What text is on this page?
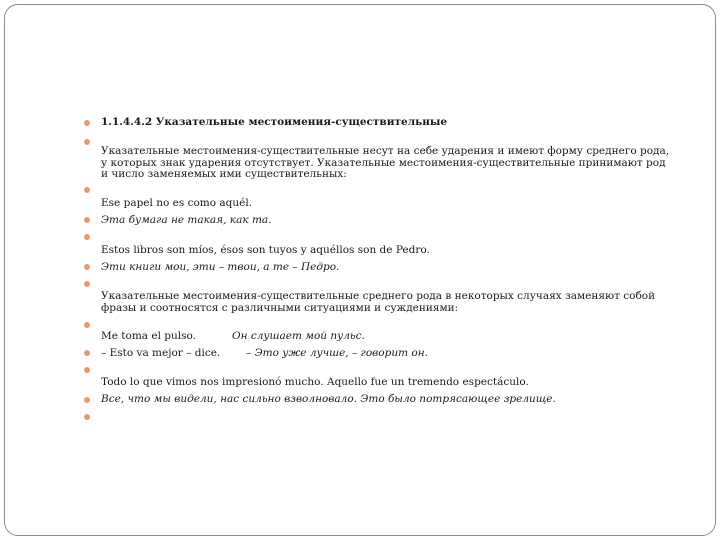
1.1.4.4.2 Указательные местоимения-существительные
Указательные местоимения-существительные несут на себе ударения и имеют форму среднего рода, у которых знак ударения отсутствует. Указательные местоимения-существительные принимают род и число заменяемых ими существительных:
Ese papel no es como aquél.
Эта бумага не такая, как та.
Estos libros son míos, ésos son tuyos y aquéllos son de Pedro.
Эти книги мои, эти – твои, а те – Педро.
Указательные местоимения-существительные среднего рода в некоторых случаях заменяют собой фразы и соотносятся с различными ситуациями и суждениями:
Me toma el pulso.	Он слушает мой пульс.
– Esto va mejor – dice. – Это уже лучше, – говорит он.
Todo lo que vimos nos impresionó mucho. Aquello fue un tremendo espectáculo.
Все, что мы видели, нас сильно взволновало. Это было потрясающее зрелище.
